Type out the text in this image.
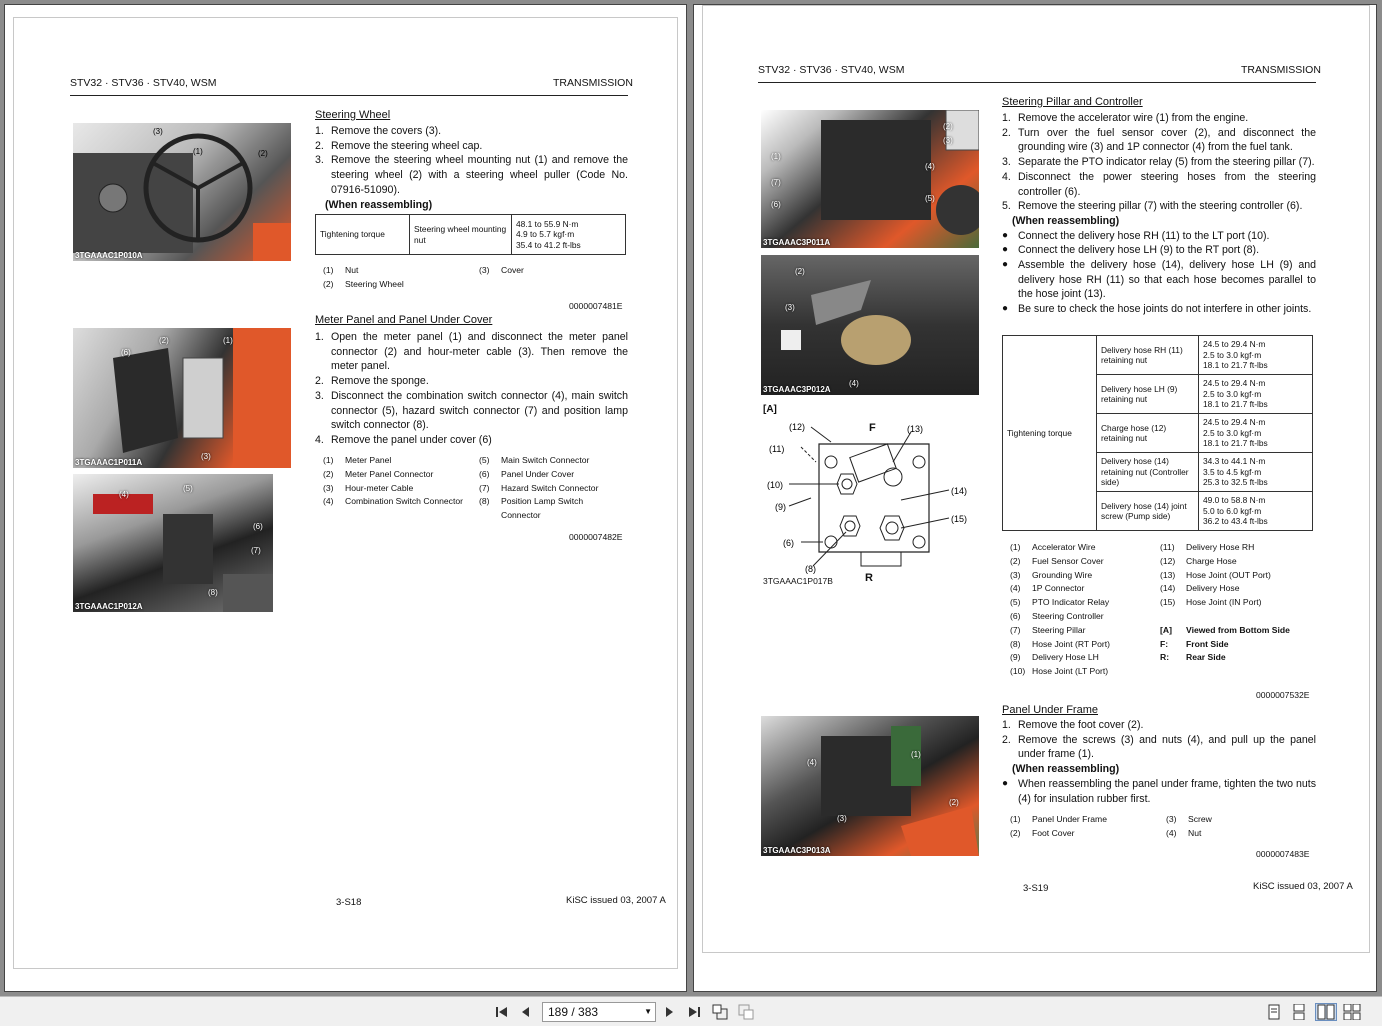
STV32 · STV36 · STV40, WSM	TRANSMISSION
(3)
(2)
(1)
3TGAAAC1P010A
Steering Wheel
1. Remove the covers (3).
2. Remove the steering wheel cap.
3. Remove the steering wheel mounting nut (1) and remove the steering wheel (2) with a steering wheel puller (Code No. 07916-51090).
(When reassembling)
Tightening torque	Steering wheel mounting nut	48.1 to 55.9 N·m
4.9 to 5.7 kgf·m
35.4 to 41.2 ft-lbs
(1)	Nut
(2)	Steering Wheel
(3)	Cover
0000007481E
(6)
(2)	(1)
(3)
3TGAAAC1P011A
(4)
(5)
(6)
(7)
(8)
3TGAAAC1P012A
Meter Panel and Panel Under Cover
1. Open the meter panel (1) and disconnect the meter panel connector (2) and hour-meter cable (3). Then remove the meter panel.
2. Remove the sponge.
3. Disconnect the combination switch connector (4), main switch connector (5), hazard switch connector (7) and position lamp switch connector (8).
4. Remove the panel under cover (6)
(1)	Meter Panel
(2)	Meter Panel Connector
(3)	Hour-meter Cable
(4)	Combination Switch Connector
(5)	Main Switch Connector
(6)	Panel Under Cover
(7)	Hazard Switch Connector
(8)	Position Lamp Switch Connector
0000007482E
3-S18	KiSC issued 03, 2007 A
STV32 · STV36 · STV40, WSM	TRANSMISSION
(1)
(7)
(6)
(2)
(3)
(4)
(5)
3TGAAAC3P011A
(2)
(3)
(4)
3TGAAAC3P012A
(12)
(11)
(10)
(9)
(6)
(8)
(13)
(14)
(15)
[A]
F
R
3TGAAAC1P017B
Steering Pillar and Controller
1. Remove the accelerator wire (1) from the engine.
2. Turn over the fuel sensor cover (2), and disconnect the grounding wire (3) and 1P connector (4) from the fuel tank.
3. Separate the PTO indicator relay (5) from the steering pillar (7).
4. Disconnect the power steering hoses from the steering controller (6).
5. Remove the steering pillar (7) with the steering controller (6).
(When reassembling)
● Connect the delivery hose RH (11) to the LT port (10).
● Connect the delivery hose LH (9) to the RT port (8).
● Assemble the delivery hose (14), delivery hose LH (9) and delivery hose RH (11) so that each hose becomes parallel to the hose joint (13).
● Be sure to check the hose joints do not interfere in other joints.
Tightening torque	Delivery hose RH (11) retaining nut	24.5 to 29.4 N·m
2.5 to 3.0 kgf·m
18.1 to 21.7 ft-lbs
	Delivery hose LH (9) retaining nut	24.5 to 29.4 N·m
2.5 to 3.0 kgf·m
18.1 to 21.7 ft-lbs
	Charge hose (12) retaining nut	24.5 to 29.4 N·m
2.5 to 3.0 kgf·m
18.1 to 21.7 ft-lbs
	Delivery hose (14) retaining nut (Controller side)	34.3 to 44.1 N·m
3.5 to 4.5 kgf·m
25.3 to 32.5 ft-lbs
	Delivery hose (14) joint screw (Pump side)	49.0 to 58.8 N·m
5.0 to 6.0 kgf·m
36.2 to 43.4 ft-lbs
(1)	Accelerator Wire
(2)	Fuel Sensor Cover
(3)	Grounding Wire
(4)	1P Connector
(5)	PTO Indicator Relay
(6)	Steering Controller
(7)	Steering Pillar
(8)	Hose Joint (RT Port)
(9)	Delivery Hose LH
(10) Hose Joint (LT Port)
(11)	Delivery Hose RH
(12)	Charge Hose
(13)	Hose Joint (OUT Port)
(14)	Delivery Hose
(15)	Hose Joint (IN Port)
[A]	Viewed from Bottom Side
F:	Front Side
R:	Rear Side
0000007532E
Panel Under Frame
1. Remove the foot cover (2).
2. Remove the screws (3) and nuts (4), and pull up the panel under frame (1).
(When reassembling)
● When reassembling the panel under frame, tighten the two nuts (4) for insulation rubber first.
(1)
(4)
(2)
(3)
3TGAAAC3P013A
(1)	Panel Under Frame
(2)	Foot Cover
(3)	Screw
(4)	Nut
0000007483E
3-S19	KiSC issued 03, 2007 A
189 / 383	▼
